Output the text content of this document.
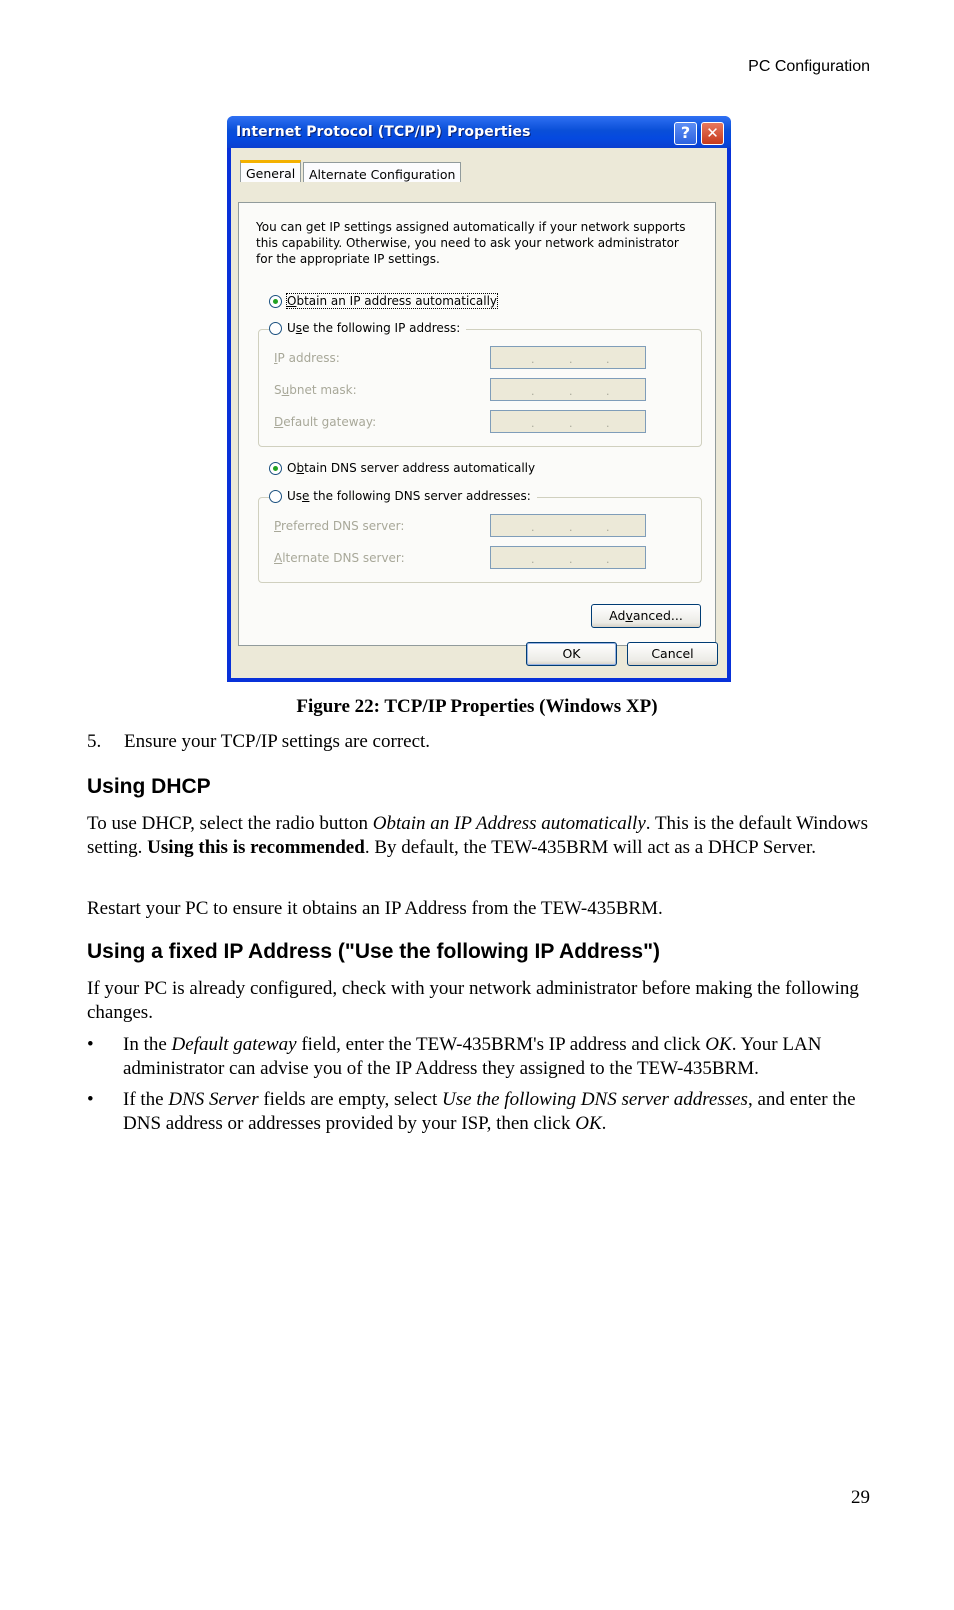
PC Configuration
Internet Protocol (TCP/IP) Properties	?	✕
General	Alternate Configuration
You can get IP settings assigned automatically if your network supports this capability. Otherwise, you need to ask your network administrator for the appropriate IP settings.
Obtain an IP address automatically
Use the following IP address:
IP address:	.	.	.
Subnet mask:	.	.	.
Default gateway:	.	.	.
Obtain DNS server address automatically
Use the following DNS server addresses:
Preferred DNS server:	.	.	.
Alternate DNS server:	.	.	.
Advanced...
OK	Cancel
Figure 22: TCP/IP Properties (Windows XP)
5. Ensure your TCP/IP settings are correct.
Using DHCP

To use DHCP, select the radio button Obtain an IP Address automatically. This is the default Windows setting. Using this is recommended. By default, the TEW-435BRM will act as a DHCP Server.

Restart your PC to ensure it obtains an IP Address from the TEW-435BRM.

Using a fixed IP Address ("Use the following IP Address")

If your PC is already configured, check with your network administrator before making the following changes.

• In the Default gateway field, enter the TEW-435BRM's IP address and click OK. Your LAN administrator can advise you of the IP Address they assigned to the TEW-435BRM.
• If the DNS Server fields are empty, select Use the following DNS server addresses, and enter the DNS address or addresses provided by your ISP, then click OK.
29
